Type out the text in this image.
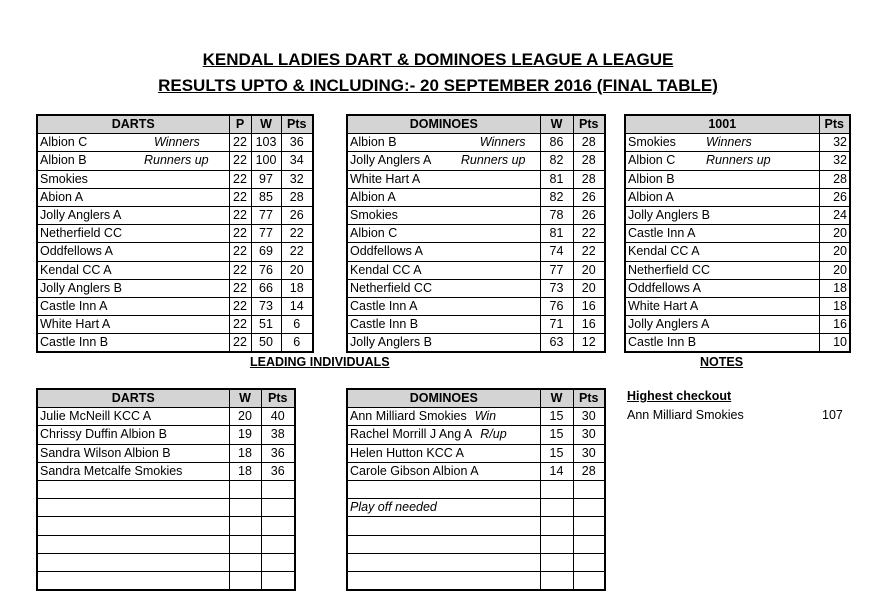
KENDAL LADIES DART & DOMINOES LEAGUE A LEAGUE
RESULTS UPTO & INCLUDING:- 20 SEPTEMBER 2016 (FINAL TABLE)
DARTS	P	W	Pts
Albion C Winners	22	103	36
Albion B Runners up	22	100	34
Smokies	22	97	32
Abion A	22	85	28
Jolly Anglers A	22	77	26
Netherfield CC	22	77	22
Oddfellows A	22	69	22
Kendal CC A	22	76	20
Jolly Anglers B	22	66	18
Castle Inn A	22	73	14
White Hart A	22	51	6
Castle Inn B	22	50	6
DOMINOES	W	Pts
Albion B Winners	86	28
Jolly Anglers A Runners up	82	28
White Hart A	81	28
Albion A	82	26
Smokies	78	26
Albion C	81	22
Oddfellows A	74	22
Kendal CC A	77	20
Netherfield CC	73	20
Castle Inn A	76	16
Castle Inn B	71	16
Jolly Anglers B	63	12
1001	Pts
Smokies Winners	32
Albion C Runners up	32
Albion B	28
Albion A	26
Jolly Anglers B	24
Castle Inn A	20
Kendal CC A	20
Netherfield CC	20
Oddfellows A	18
White Hart A	18
Jolly Anglers A	16
Castle Inn B	10
LEADING INDIVIDUALS	NOTES
DARTS	W	Pts
Julie McNeill KCC A	20	40
Chrissy Duffin Albion B	19	38
Sandra Wilson Albion B	18	36
Sandra Metcalfe Smokies	18	36

DOMINOES	W	Pts
Ann Milliard Smokies Win	15	30
Rachel Morrill J Ang A R/up	15	30
Helen Hutton KCC A	15	30
Carole Gibson Albion A	14	28

Play off needed		

Highest checkout
Ann Milliard Smokies	107
